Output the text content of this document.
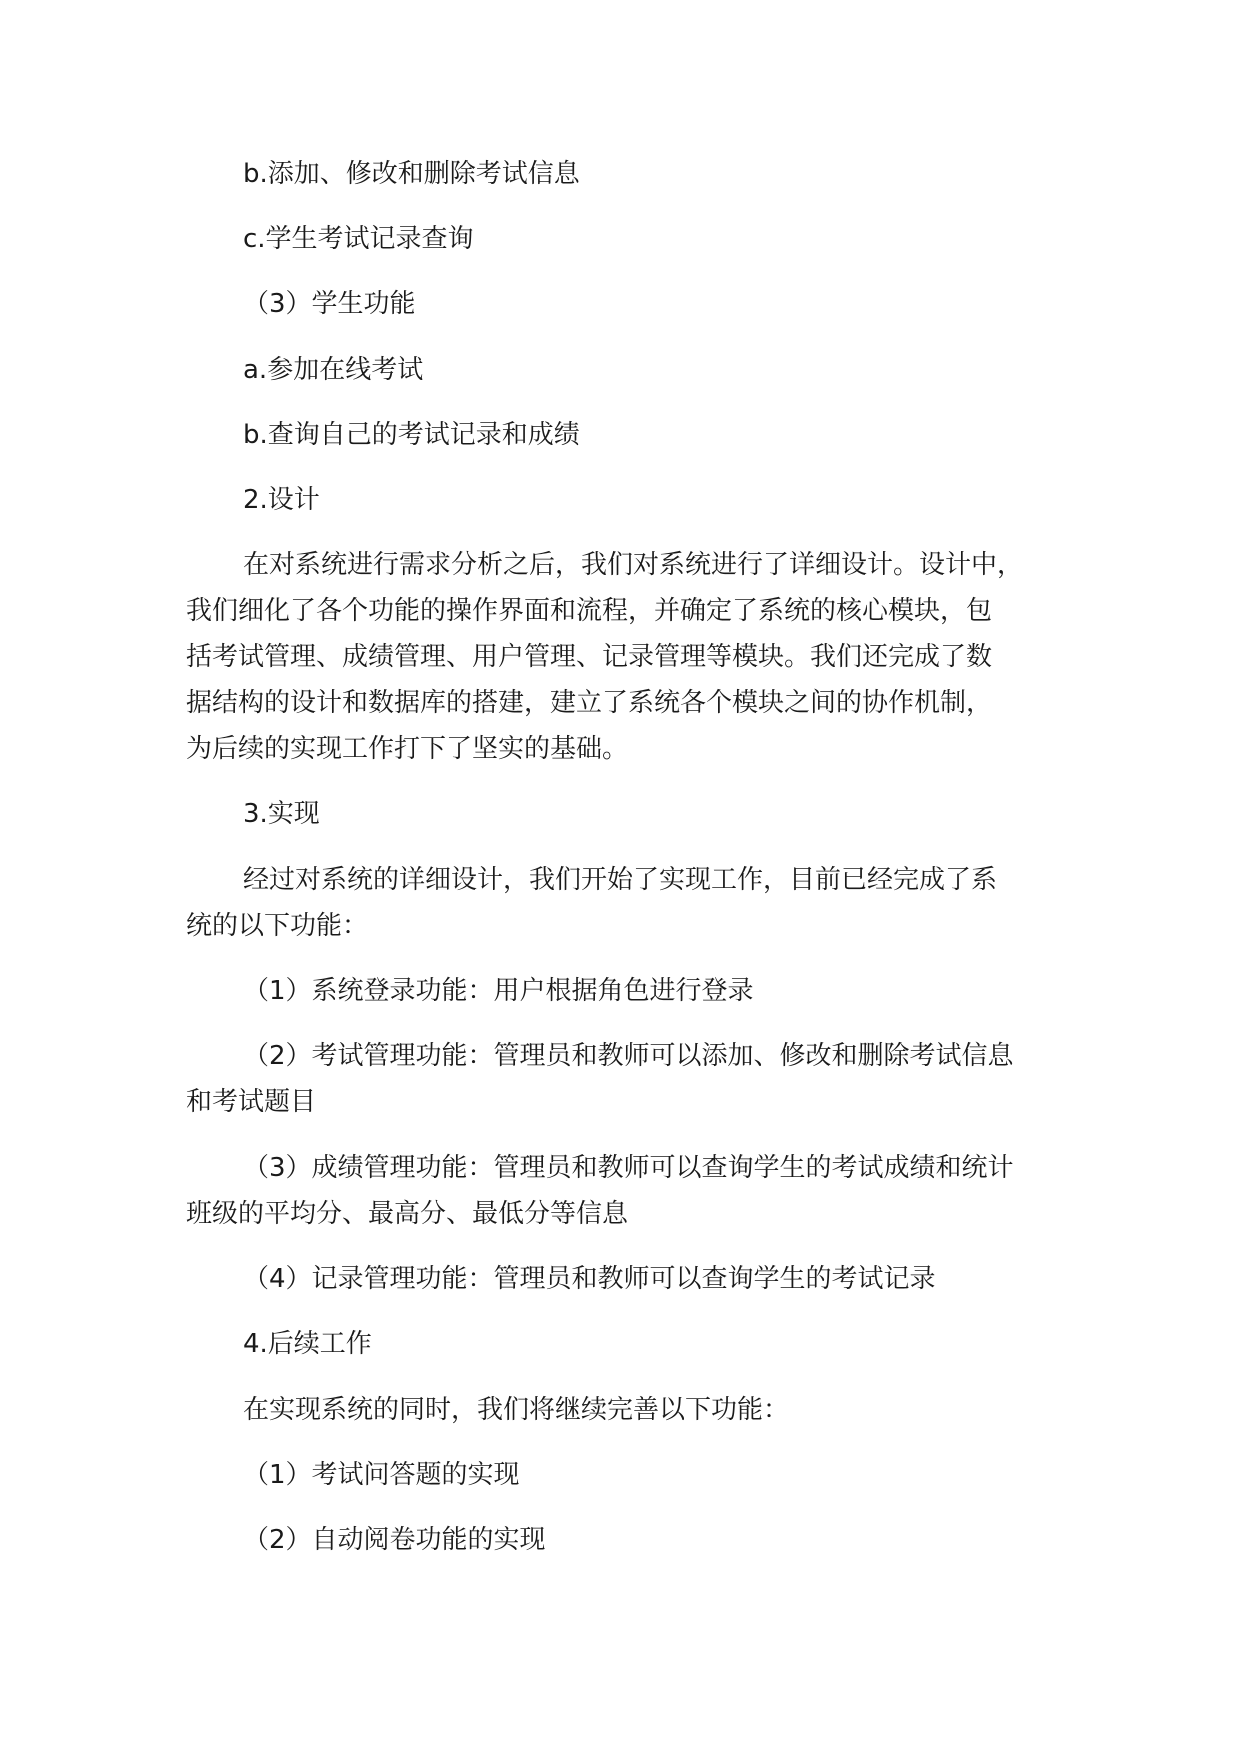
b.添加、修改和删除考试信息
c.学生考试记录查询
（3）学生功能
a.参加在线考试
b.查询自己的考试记录和成绩
2.设计
在对系统进行需求分析之后，我们对系统进行了详细设计。设计中，
我们细化了各个功能的操作界面和流程，并确定了系统的核心模块，包
括考试管理、成绩管理、用户管理、记录管理等模块。我们还完成了数
据结构的设计和数据库的搭建，建立了系统各个模块之间的协作机制，
为后续的实现工作打下了坚实的基础。
3.实现
经过对系统的详细设计，我们开始了实现工作，目前已经完成了系
统的以下功能：
（1）系统登录功能：用户根据角色进行登录
（2）考试管理功能：管理员和教师可以添加、修改和删除考试信息
和考试题目
（3）成绩管理功能：管理员和教师可以查询学生的考试成绩和统计
班级的平均分、最高分、最低分等信息
（4）记录管理功能：管理员和教师可以查询学生的考试记录
4.后续工作
在实现系统的同时，我们将继续完善以下功能：
（1）考试问答题的实现
（2）自动阅卷功能的实现
